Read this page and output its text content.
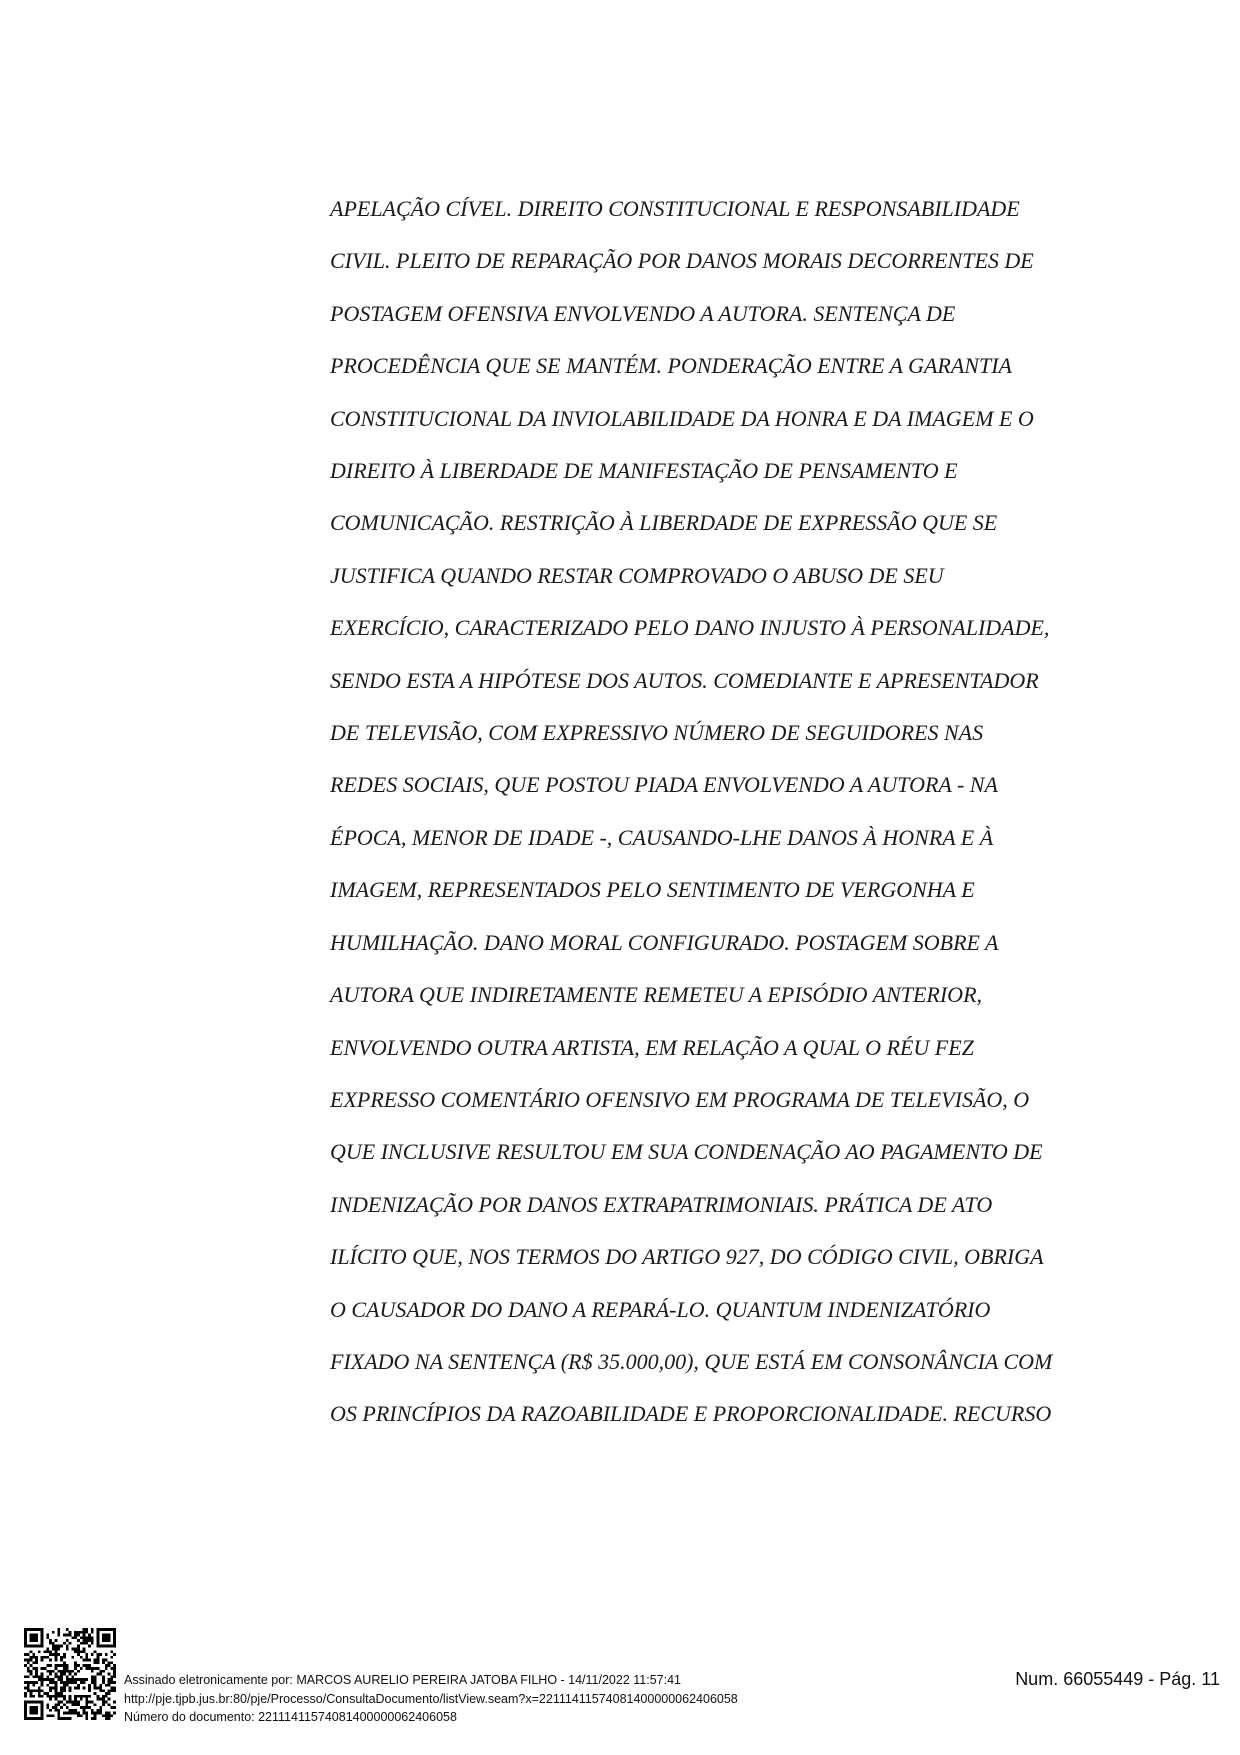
APELAÇÃO CÍVEL. DIREITO CONSTITUCIONAL E RESPONSABILIDADE
CIVIL. PLEITO DE REPARAÇÃO POR DANOS MORAIS DECORRENTES DE
POSTAGEM OFENSIVA ENVOLVENDO A AUTORA. SENTENÇA DE
PROCEDÊNCIA QUE SE MANTÉM. PONDERAÇÃO ENTRE A GARANTIA
CONSTITUCIONAL DA INVIOLABILIDADE DA HONRA E DA IMAGEM E O
DIREITO À LIBERDADE DE MANIFESTAÇÃO DE PENSAMENTO E
COMUNICAÇÃO. RESTRIÇÃO À LIBERDADE DE EXPRESSÃO QUE SE
JUSTIFICA QUANDO RESTAR COMPROVADO O ABUSO DE SEU
EXERCÍCIO, CARACTERIZADO PELO DANO INJUSTO À PERSONALIDADE,
SENDO ESTA A HIPÓTESE DOS AUTOS. COMEDIANTE E APRESENTADOR
DE TELEVISÃO, COM EXPRESSIVO NÚMERO DE SEGUIDORES NAS
REDES SOCIAIS, QUE POSTOU PIADA ENVOLVENDO A AUTORA - NA
ÉPOCA, MENOR DE IDADE -, CAUSANDO-LHE DANOS À HONRA E À
IMAGEM, REPRESENTADOS PELO SENTIMENTO DE VERGONHA E
HUMILHAÇÃO. DANO MORAL CONFIGURADO. POSTAGEM SOBRE A
AUTORA QUE INDIRETAMENTE REMETEU A EPISÓDIO ANTERIOR,
ENVOLVENDO OUTRA ARTISTA, EM RELAÇÃO A QUAL O RÉU FEZ
EXPRESSO COMENTÁRIO OFENSIVO EM PROGRAMA DE TELEVISÃO, O
QUE INCLUSIVE RESULTOU EM SUA CONDENAÇÃO AO PAGAMENTO DE
INDENIZAÇÃO POR DANOS EXTRAPATRIMONIAIS. PRÁTICA DE ATO
ILÍCITO QUE, NOS TERMOS DO ARTIGO 927, DO CÓDIGO CIVIL, OBRIGA
O CAUSADOR DO DANO A REPARÁ-LO. QUANTUM INDENIZATÓRIO
FIXADO NA SENTENÇA (R$ 35.000,00), QUE ESTÁ EM CONSONÂNCIA COM
OS PRINCÍPIOS DA RAZOABILIDADE E PROPORCIONALIDADE. RECURSO
Assinado eletronicamente por: MARCOS AURELIO PEREIRA JATOBA FILHO - 14/11/2022 11:57:41
http://pje.tjpb.jus.br:80/pje/Processo/ConsultaDocumento/listView.seam?x=22111411574081400000062406058
Número do documento: 22111411574081400000062406058
Num. 66055449 - Pág. 11
